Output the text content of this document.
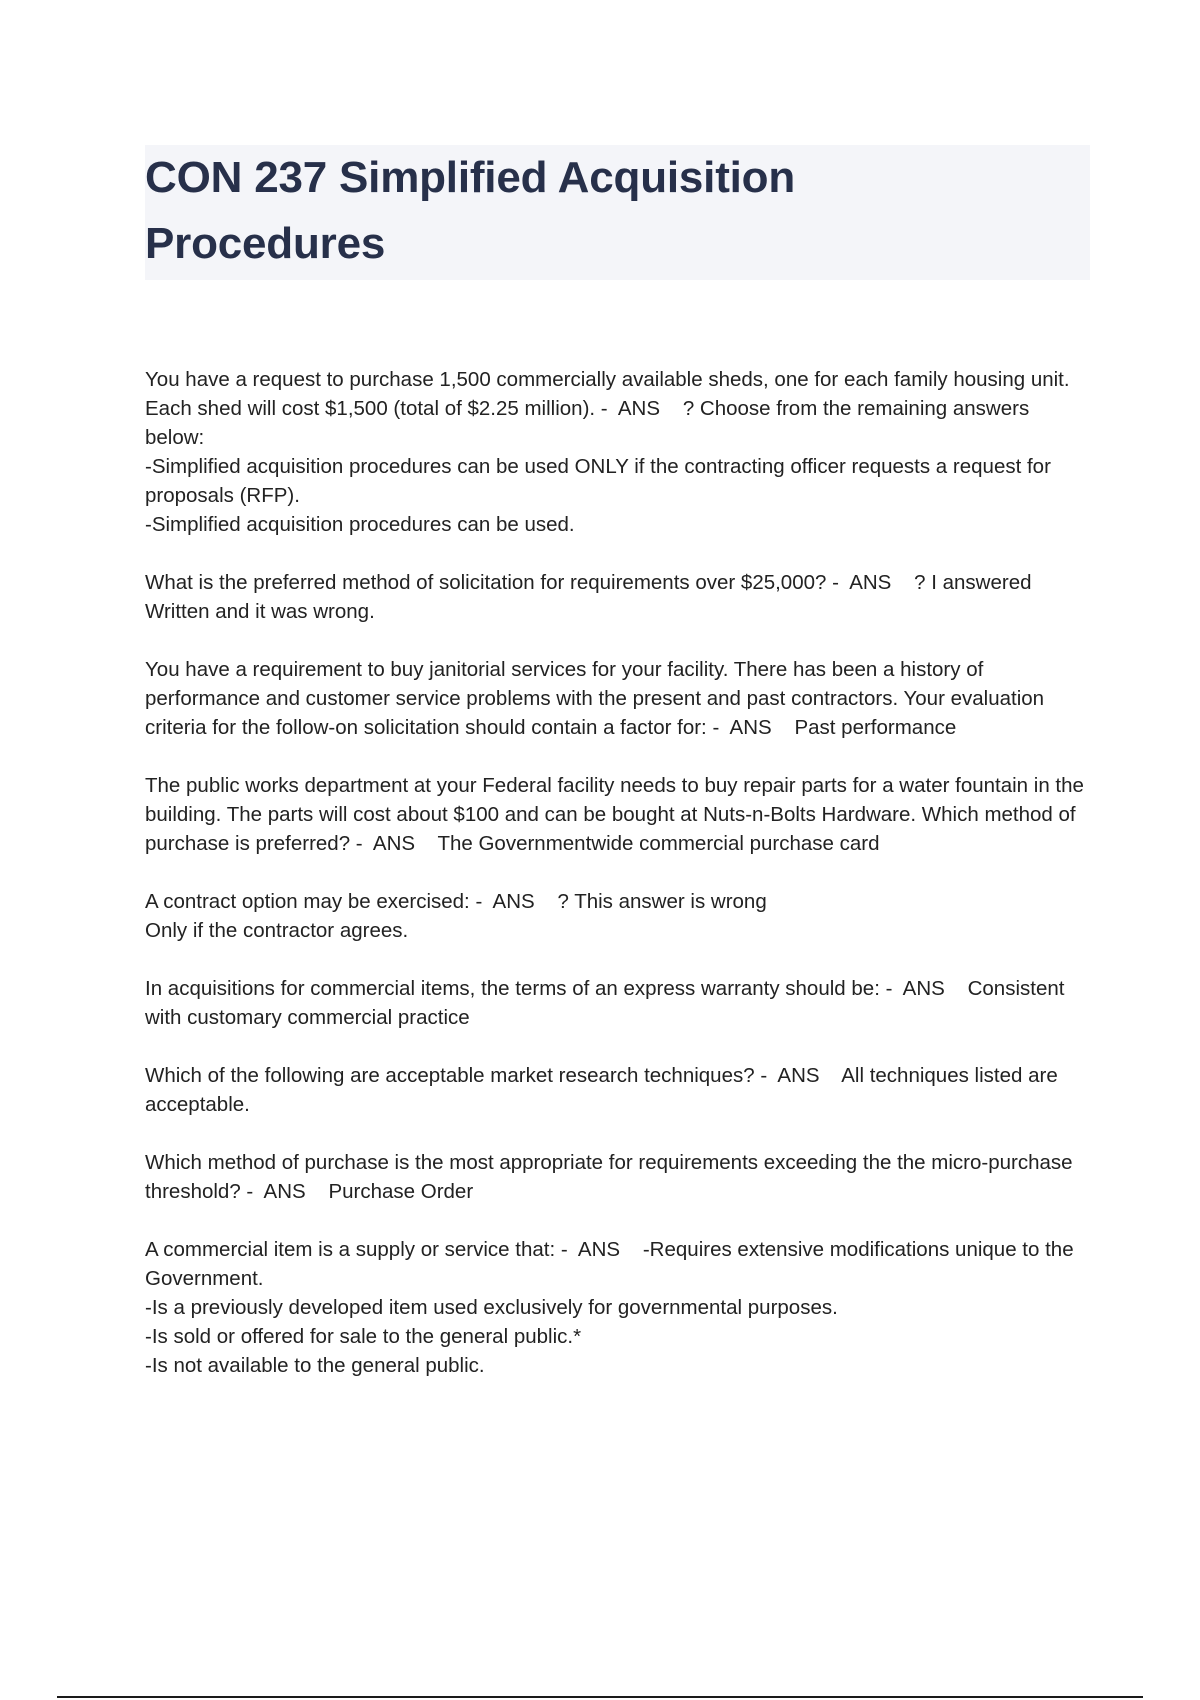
CON 237 Simplified Acquisition Procedures
You have a request to purchase 1,500 commercially available sheds, one for each family housing unit. Each shed will cost $1,500 (total of $2.25 million). -  ANS    ? Choose from the remaining answers below:
-Simplified acquisition procedures can be used ONLY if the contracting officer requests a request for proposals (RFP).
-Simplified acquisition procedures can be used.
What is the preferred method of solicitation for requirements over $25,000? -  ANS    ? I answered Written and it was wrong.
You have a requirement to buy janitorial services for your facility. There has been a history of performance and customer service problems with the present and past contractors. Your evaluation criteria for the follow-on solicitation should contain a factor for: -  ANS    Past performance
The public works department at your Federal facility needs to buy repair parts for a water fountain in the building. The parts will cost about $100 and can be bought at Nuts-n-Bolts Hardware. Which method of purchase is preferred? -  ANS    The Governmentwide commercial purchase card
A contract option may be exercised: -  ANS    ? This answer is wrong
Only if the contractor agrees.
In acquisitions for commercial items, the terms of an express warranty should be: -  ANS    Consistent with customary commercial practice
Which of the following are acceptable market research techniques? -  ANS    All techniques listed are acceptable.
Which method of purchase is the most appropriate for requirements exceeding the the micro-purchase threshold? -  ANS    Purchase Order
A commercial item is a supply or service that: -  ANS    -Requires extensive modifications unique to the Government.
-Is a previously developed item used exclusively for governmental purposes.
-Is sold or offered for sale to the general public.*
-Is not available to the general public.
